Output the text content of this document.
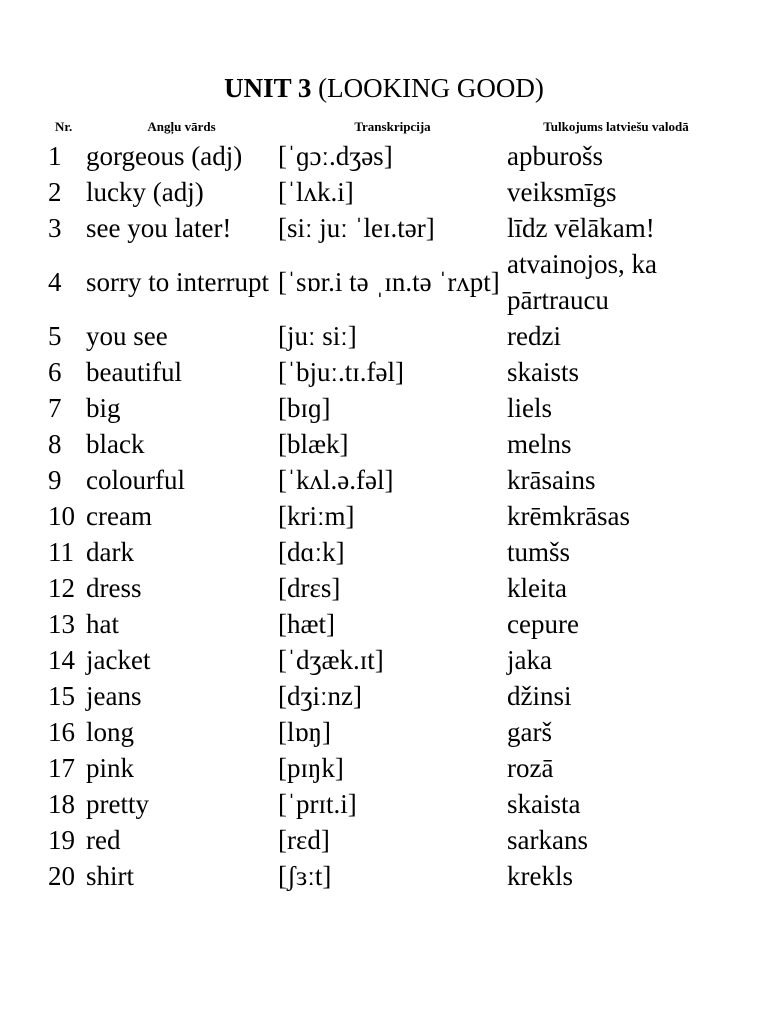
UNIT 3 (LOOKING GOOD)
Nr.	Angļu vārds	Transkripcija	Tulkojums latviešu valodā
1	gorgeous (adj)	[ˈɡɔː.dʒəs]	apburošs
2	lucky (adj)	[ˈlʌk.i]	veiksmīgs
3	see you later!	[siː juː ˈleɪ.tər]	līdz vēlākam!
4	sorry to interrupt	[ˈsɒr.i tə ˌɪn.tə ˈrʌpt]	atvainojos, ka pārtraucu
5	you see	[juː siː]	redzi
6	beautiful	[ˈbjuː.tɪ.fəl]	skaists
7	big	[bɪɡ]	liels
8	black	[blæk]	melns
9	colourful	[ˈkʌl.ə.fəl]	krāsains
10	cream	[kriːm]	krēmkrāsas
11	dark	[dɑːk]	tumšs
12	dress	[drɛs]	kleita
13	hat	[hæt]	cepure
14	jacket	[ˈdʒæk.ɪt]	jaka
15	jeans	[dʒiːnz]	džinsi
16	long	[lɒŋ]	garš
17	pink	[pɪŋk]	rozā
18	pretty	[ˈprɪt.i]	skaista
19	red	[rɛd]	sarkans
20	shirt	[ʃɜːt]	krekls
